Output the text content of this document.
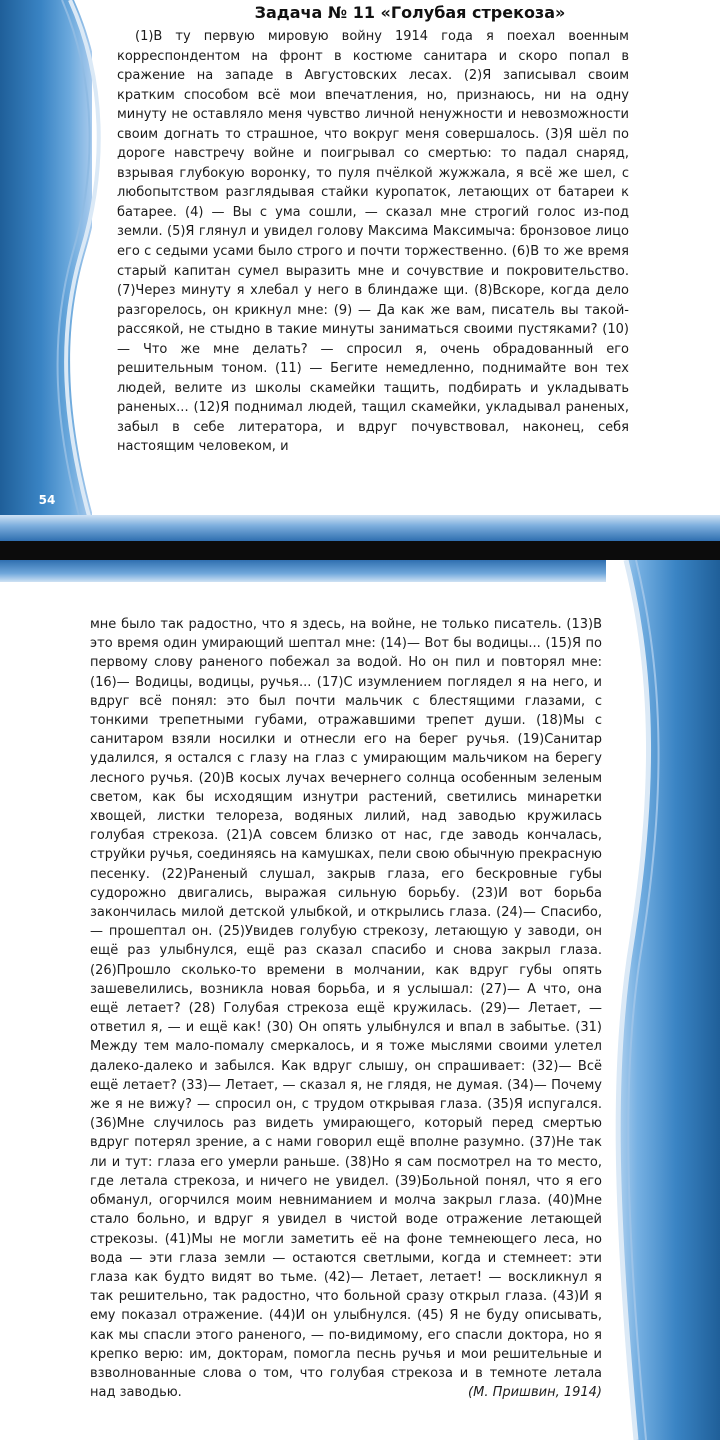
54
Задача № 11 «Голубая стрекоза»

(1)В ту первую мировую войну 1914 года я поехал военным корреспондентом на фронт в костюме санитара и скоро попал в сражение на западе в Августовских лесах. (2)Я записывал своим кратким способом всё мои впечатления, но, признаюсь, ни на одну минуту не оставляло меня чувство личной ненужности и невозможности своим догнать то страшное, что вокруг меня совершалось. (3)Я шёл по дороге навстречу войне и поигрывал со смертью: то падал снаряд, взрывая глубокую воронку, то пуля пчёлкой жужжала, я всё же шел, с любопытством разглядывая стайки куропаток, летающих от батареи к батарее. (4) — Вы с ума сошли, — сказал мне строгий голос из-под земли. (5)Я глянул и увидел голову Максима Максимыча: бронзовое лицо его с седыми усами было строго и почти торжественно. (6)В то же время старый капитан сумел выразить мне и сочувствие и покровительство. (7)Через минуту я хлебал у него в блиндаже щи. (8)Вскоре, когда дело разгорелось, он крикнул мне: (9) — Да как же вам, писатель вы такой-рассякой, не стыдно в такие минуты заниматься своими пустяками? (10) — Что же мне делать? — спросил я, очень обрадованный его решительным тоном. (11) — Бегите немедленно, поднимайте вон тех людей, велите из школы скамейки тащить, подбирать и укладывать раненых... (12)Я поднимал людей, тащил скамейки, укладывал раненых, забыл в себе литератора, и вдруг почувствовал, наконец, себя настоящим человеком, и

мне было так радостно, что я здесь, на войне, не только писатель. (13)В это время один умирающий шептал мне: (14)— Вот бы водицы... (15)Я по первому слову раненого побежал за водой. Но он пил и повторял мне: (16)— Водицы, водицы, ручья... (17)С изумлением поглядел я на него, и вдруг всё понял: это был почти мальчик с блестящими глазами, с тонкими трепетными губами, отражавшими трепет души. (18)Мы с санитаром взяли носилки и отнесли его на берег ручья. (19)Санитар удалился, я остался с глазу на глаз с умирающим мальчиком на берегу лесного ручья. (20)В косых лучах вечернего солнца особенным зеленым светом, как бы исходящим изнутри растений, светились минаретки хвощей, листки телореза, водяных лилий, над заводью кружилась голубая стрекоза. (21)А совсем близко от нас, где заводь кончалась, струйки ручья, соединяясь на камушках, пели свою обычную прекрасную песенку. (22)Раненый слушал, закрыв глаза, его бескровные губы судорожно двигались, выражая сильную борьбу. (23)И вот борьба закончилась милой детской улыбкой, и открылись глаза. (24)— Спасибо, — прошептал он. (25)Увидев голубую стрекозу, летающую у заводи, он ещё раз улыбнулся, ещё раз сказал спасибо и снова закрыл глаза. (26)Прошло сколько-то времени в молчании, как вдруг губы опять зашевелились, возникла новая борьба, и я услышал: (27)— А что, она ещё летает? (28) Голубая стрекоза ещё кружилась. (29)— Летает, — ответил я, — и ещё как! (30) Он опять улыбнулся и впал в забытье. (31) Между тем мало-помалу смеркалось, и я тоже мыслями своими улетел далеко-далеко и забылся. Как вдруг слышу, он спрашивает: (32)— Всё ещё летает? (33)— Летает, — сказал я, не глядя, не думая. (34)— Почему же я не вижу? — спросил он, с трудом открывая глаза. (35)Я испугался. (36)Мне случилось раз видеть умирающего, который перед смертью вдруг потерял зрение, а с нами говорил ещё вполне разумно. (37)Не так ли и тут: глаза его умерли раньше. (38)Но я сам посмотрел на то место, где летала стрекоза, и ничего не увидел. (39)Больной понял, что я его обманул, огорчился моим невниманием и молча закрыл глаза. (40)Мне стало больно, и вдруг я увидел в чистой воде отражение летающей стрекозы. (41)Мы не могли заметить её на фоне темнеющего леса, но вода — эти глаза земли — остаются светлыми, когда и стемнеет: эти глаза как будто видят во тьме. (42)— Летает, летает! — воскликнул я так решительно, так радостно, что больной сразу открыл глаза. (43)И я ему показал отражение. (44)И он улыбнулся. (45) Я не буду описывать, как мы спасли этого раненого, — по-видимому, его спасли доктора, но я крепко верю: им, докторам, помогла песнь ручья и мои решительные и взволнованные слова о том, что голубая стрекоза и в темноте летала над заводью.	(М. Пришвин, 1914)
